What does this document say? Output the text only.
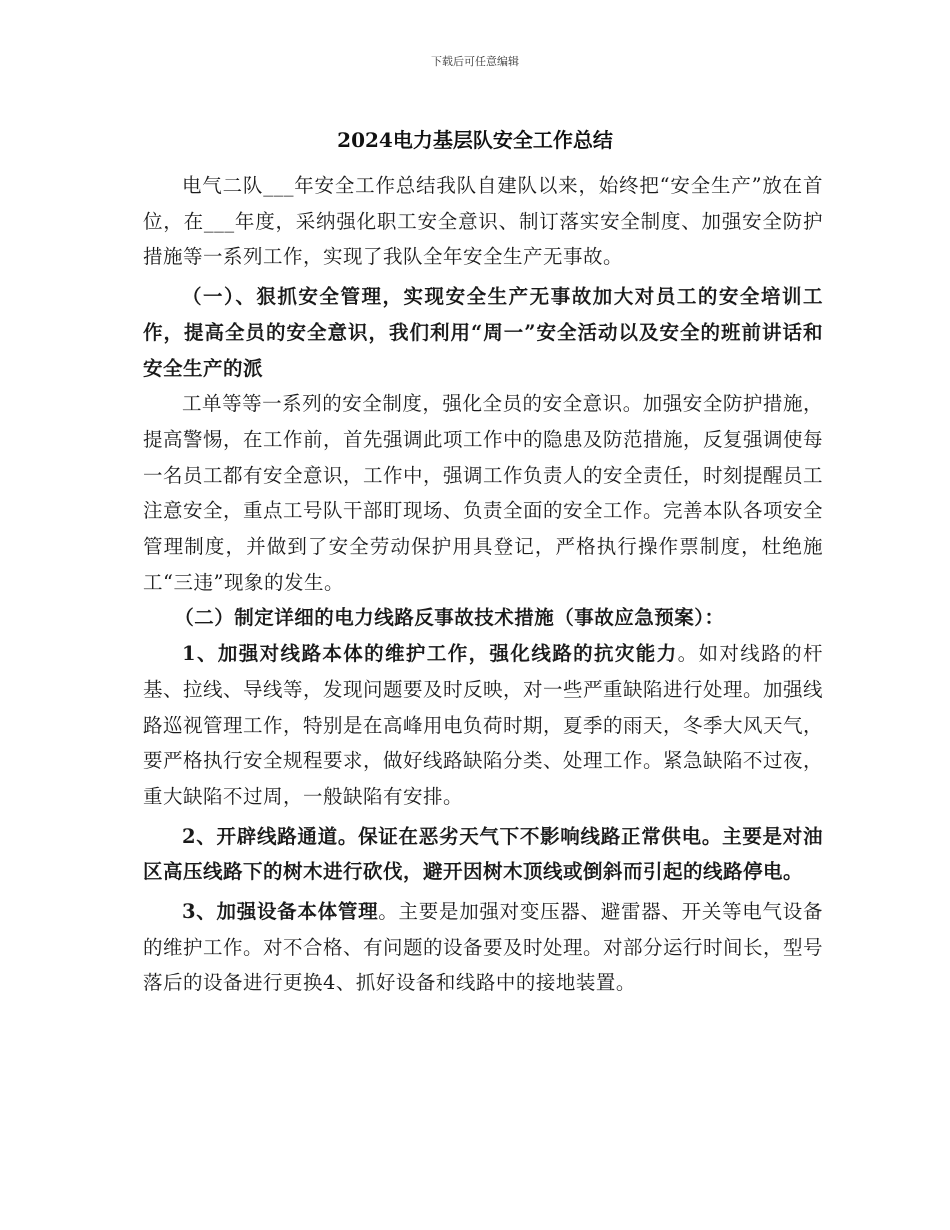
下载后可任意编辑
2024电力基层队安全工作总结

电气二队___年安全工作总结我队自建队以来，始终把“安全生产”放在首位，在___年度，采纳强化职工安全意识、制订落实安全制度、加强安全防护措施等一系列工作，实现了我队全年安全生产无事故。

（一）、狠抓安全管理，实现安全生产无事故加大对员工的安全培训工作，提高全员的安全意识，我们利用“周一”安全活动以及安全的班前讲话和安全生产的派

工单等等一系列的安全制度，强化全员的安全意识。加强安全防护措施，提高警惕，在工作前，首先强调此项工作中的隐患及防范措施，反复强调使每一名员工都有安全意识，工作中，强调工作负责人的安全责任，时刻提醒员工注意安全，重点工号队干部盯现场、负责全面的安全工作。完善本队各项安全管理制度，并做到了安全劳动保护用具登记，严格执行操作票制度，杜绝施工“三违”现象的发生。

（二）制定详细的电力线路反事故技术措施（事故应急预案）：

1、加强对线路本体的维护工作，强化线路的抗灾能力。如对线路的杆基、拉线、导线等，发现问题要及时反映，对一些严重缺陷进行处理。加强线路巡视管理工作，特别是在高峰用电负荷时期，夏季的雨天，冬季大风天气，要严格执行安全规程要求，做好线路缺陷分类、处理工作。紧急缺陷不过夜，重大缺陷不过周，一般缺陷有安排。

2、开辟线路通道。保证在恶劣天气下不影响线路正常供电。主要是对油区高压线路下的树木进行砍伐，避开因树木顶线或倒斜而引起的线路停电。

3、加强设备本体管理。主要是加强对变压器、避雷器、开关等电气设备的维护工作。对不合格、有问题的设备要及时处理。对部分运行时间长，型号落后的设备进行更换4、抓好设备和线路中的接地装置。
